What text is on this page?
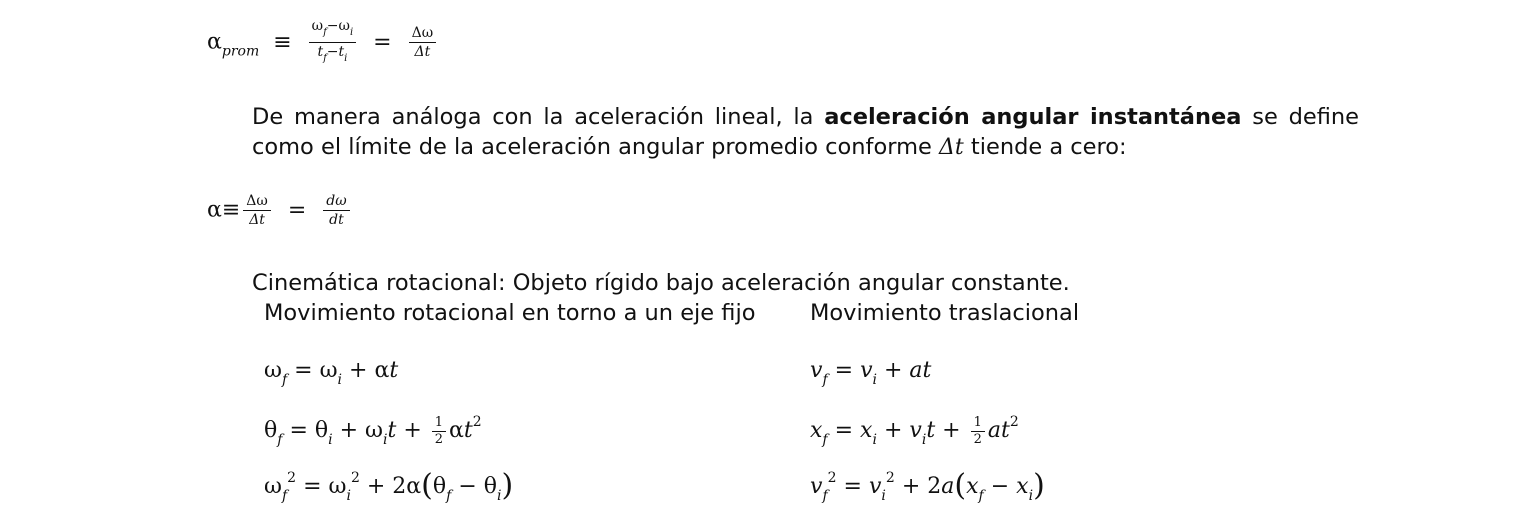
$\alpha_{prom} \equiv \frac{\omega_f-\omega_i}{t_f-t_i} = \frac{\Delta\omega}{\Delta t}$
De manera análoga con la aceleración lineal, la aceleración angular instantánea se define como el límite de la aceleración angular promedio conforme Δt tiende a cero:
$\alpha\equiv \frac{\Delta\omega}{\Delta t} = \frac{d\omega}{dt}$
Cinemática rotacional: Objeto rígido bajo aceleración angular constante.
Movimiento rotacional en torno a un eje fijo Movimiento traslacional
$\omega_f = \omega_i + \alpha t$
$\theta_f = \theta_i + \omega_it + \frac{1}{2} \alpha t^2$
$\omega_f^2 = \omega_i^2 + 2\alpha(\theta_f - \theta_i)$
$v_f = v_i$ + at
$x_f = x_i + v_it + \frac{1}{2} at^2$
$v_f^2 = v_i^2 + 2a(x_f - x_i)$
